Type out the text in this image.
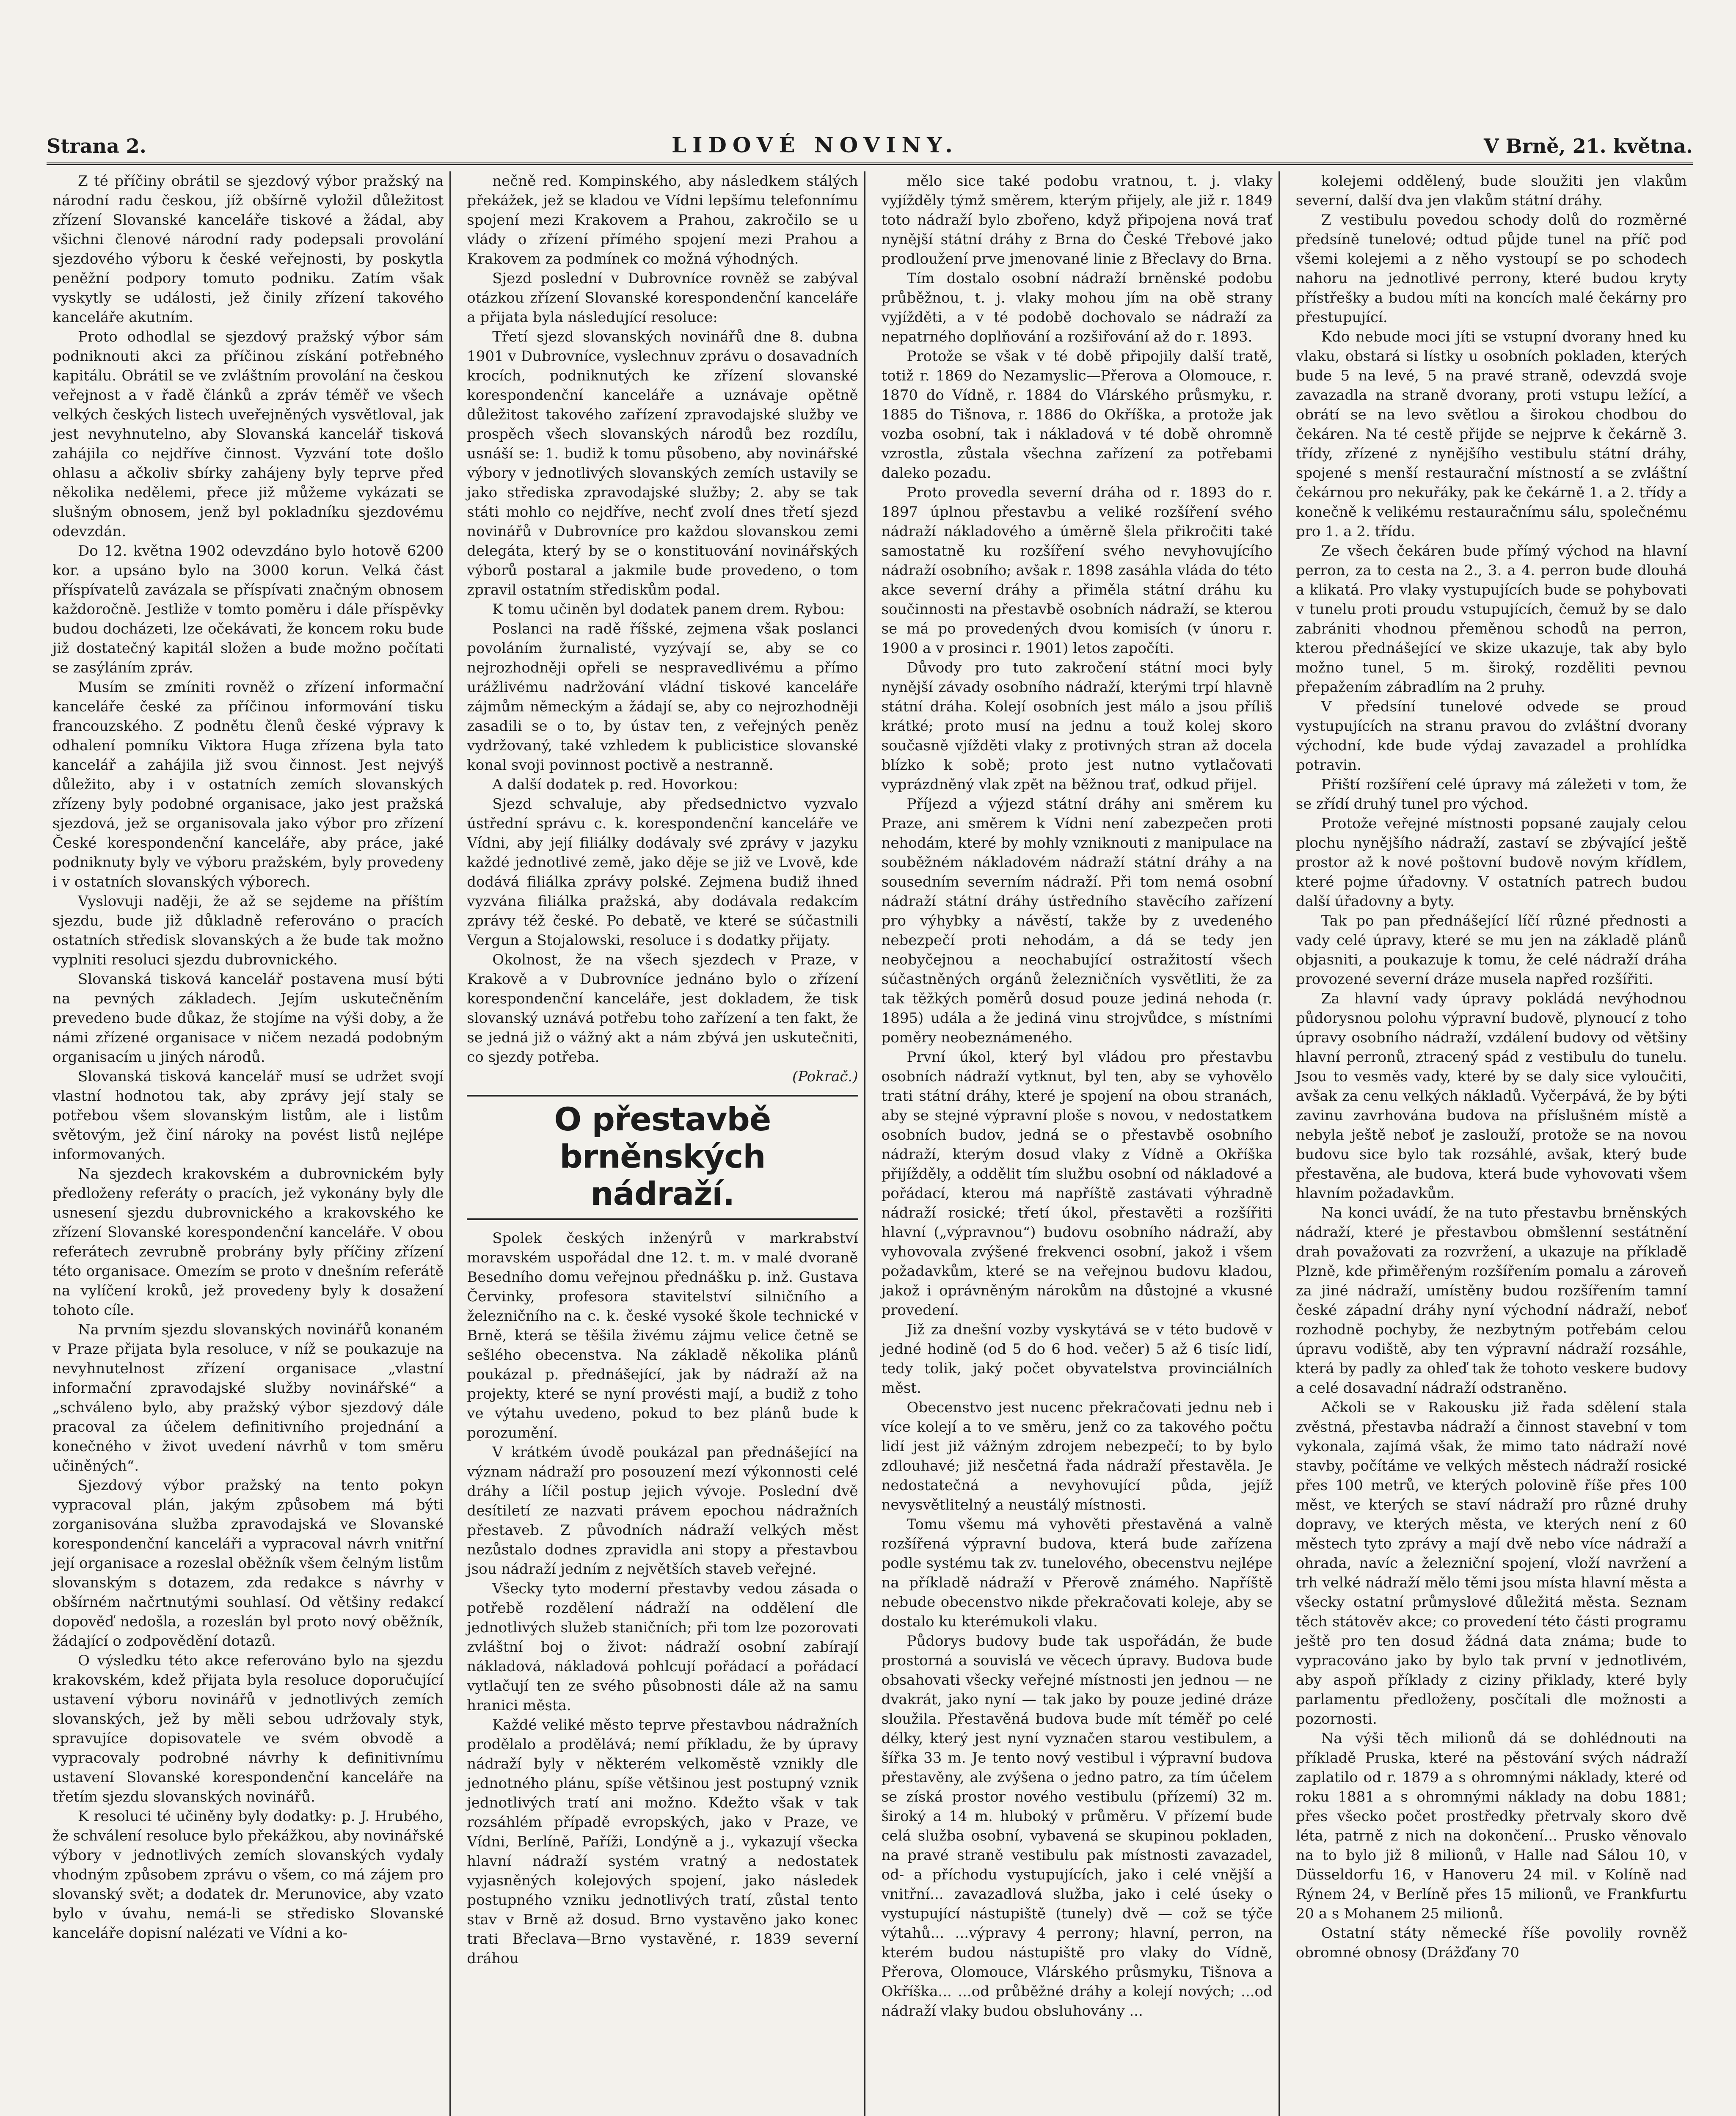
Strana 2.	LIDOVÉ NOVINY.	V Brně, 21. května.

Z té příčiny obrátil se sjezdový výbor pražský na národní radu českou, jíž obšírně vyložil důležitost zřízení Slovanské kanceláře tiskové a žádal, aby všichni členové národní rady podepsali provolání sjezdového výboru k české veřejnosti, by poskytla peněžní podpory tomuto podniku. Zatím však vyskytly se události, jež činily zřízení takového kanceláře akutním.

Proto odhodlal se sjezdový pražský výbor sám podniknouti akci za příčinou získání potřebného kapitálu. Obrátil se ve zvláštním provolání na českou veřejnost a v řadě článků a zpráv téměř ve všech velkých českých listech uveřejněných vysvětloval, jak jest nevyhnutelno, aby Slovanská kancelář tisková zahájila co nejdříve činnost. Vyzvání tote došlo ohlasu a ačkoliv sbírky zahájeny byly teprve před několika nedělemi, přece již můžeme vykázati se slušným obnosem, jenž byl pokladníku sjezdovému odevzdán.

Do 12. května 1902 odevzdáno bylo hotově 6200 kor. a upsáno bylo na 3000 korun. Velká část příspívatelů zavázala se příspívati značným obnosem každoročně. Jestliže v tomto poměru i dále příspěvky budou docházeti, lze očekávati, že koncem roku bude již dostatečný kapitál složen a bude možno počítati se zasýláním zpráv.

Musím se zmíniti rovněž o zřízení informační kanceláře české za příčinou informování tisku francouzského. Z podnětu členů české výpravy k odhalení pomníku Viktora Huga zřízena byla tato kancelář a zahájila již svou činnost. Jest nejvýš důležito, aby i v ostatních zemích slovanských zřízeny byly podobné organisace, jako jest pražská sjezdová, jež se organisovala jako výbor pro zřízení České korespondenční kanceláře, aby práce, jaké podniknuty byly ve výboru pražském, byly provedeny i v ostatních slovanských výborech.

Vyslovuji naději, že až se sejdeme na příštím sjezdu, bude již důkladně referováno o pracích ostatních středisk slovanských a že bude tak možno vyplniti resoluci sjezdu dubrovnického.

Slovanská tisková kancelář postavena musí býti na pevných základech. Jejím uskutečněním prevedeno bude důkaz, že stojíme na výši doby, a že námi zřízené organisace v ničem nezadá podobným organisacím u jiných národů.

Slovanská tisková kancelář musí se udržet svojí vlastní hodnotou tak, aby zprávy její staly se potřebou všem slovanským listům, ale i listům světovým, jež činí nároky na povést listů nejlépe informovaných.

Na sjezdech krakovském a dubrovnickém byly předloženy referáty o pracích, jež vykonány byly dle usnesení sjezdu dubrovnického a krakovského ke zřízení Slovanské korespondenční kanceláře. V obou referátech zevrubně probrány byly příčiny zřízení této organisace. Omezím se proto v dnešním referátě na vylíčení kroků, jež provedeny byly k dosažení tohoto cíle.

Na prvním sjezdu slovanských novinářů konaném v Praze přijata byla resoluce, v níž se poukazuje na nevyhnutelnost zřízení organisace „vlastní informační zpravodajské služby novinářské“ a „schváleno bylo, aby pražský výbor sjezdový dále pracoval za účelem definitivního projednání a konečného v život uvedení návrhů v tom směru učiněných“.

Sjezdový výbor pražský na tento pokyn vypracoval plán, jakým způsobem má býti zorganisována služba zpravodajská ve Slovanské korespondenční kanceláři a vypracoval návrh vnitřní její organisace a rozeslal oběžník všem čelným listům slovanským s dotazem, zda redakce s návrhy v obšírném načrtnutými souhlasí. Od většiny redakcí dopověď nedošla, a rozeslán byl proto nový oběžník, žádající o zodpovědění dotazů.

O výsledku této akce referováno bylo na sjezdu krakovském, kdež přijata byla resoluce doporučující ustavení výboru novinářů v jednotlivých zemích slovanských, jež by měli sebou udržovaly styk, spravujíce dopisovatele ve svém obvodě a vypracovaly podrobné návrhy k definitivnímu ustavení Slovanské korespondenční kanceláře na třetím sjezdu slovanských novinářů.

K resoluci té učiněny byly dodatky: p. J. Hrubého, že schválení resoluce bylo překážkou, aby novinářské výbory v jednotlivých zemích slovanských vydaly vhodným způsobem zprávu o všem, co má zájem pro slovanský svět; a dodatek dr. Merunovice, aby vzato bylo v úvahu, nemá-li se středisko Slovanské kanceláře dopisní nalézati ve Vídni a ko-

nečně red. Kompinského, aby následkem stálých překážek, jež se kladou ve Vídni lepšímu telefonnímu spojení mezi Krakovem a Prahou, zakročilo se u vlády o zřízení přímého spojení mezi Prahou a Krakovem za podmínek co možná výhodných.

Sjezd poslední v Dubrovníce rovněž se zabýval otázkou zřízení Slovanské korespondenční kanceláře a přijata byla následující resoluce:

Třetí sjezd slovanských novinářů dne 8. dubna 1901 v Dubrovníce, vyslechnuv zprávu o dosavadních krocích, podniknutých ke zřízení slovanské korespondenční kanceláře a uznávaje opětně důležitost takového zařízení zpravodajské služby ve prospěch všech slovanských národů bez rozdílu, usnáší se: 1. budiž k tomu působeno, aby novinářské výbory v jednotlivých slovanských zemích ustavily se jako střediska zpravodajské služby; 2. aby se tak státi mohlo co nejdříve, nechť zvolí dnes třetí sjezd novinářů v Dubrovníce pro každou slovanskou zemi delegáta, který by se o konstituování novinářských výborů postaral a jakmile bude provedeno, o tom zpravil ostatním střediskům podal.

K tomu učiněn byl dodatek panem drem. Rybou:

Poslanci na radě říšské, zejmena však poslanci povoláním žurnalisté, vyzývají se, aby se co nejrozhodněji opřeli se nespravedlivému a přímo urážlivému nadržování vládní tiskové kanceláře zájmům německým a žádají se, aby co nejrozhodněji zasadili se o to, by ústav ten, z veřejných peněz vydržovaný, také vzhledem k publicistice slovanské konal svoji povinnost poctivě a nestranně.

A další dodatek p. red. Hovorkou:

Sjezd schvaluje, aby předsednictvo vyzvalo ústřední správu c. k. korespondenční kanceláře ve Vídni, aby její filiálky dodávaly své zprávy v jazyku každé jednotlivé země, jako děje se již ve Lvově, kde dodává filiálka zprávy polské. Zejmena budiž ihned vyzvána filiálka pražská, aby dodávala redakcím zprávy též české. Po debatě, ve které se súčastnili Vergun a Stojalowski, resoluce i s dodatky přijaty.

Okolnost, že na všech sjezdech v Praze, v Krakově a v Dubrovníce jednáno bylo o zřízení korespondenční kanceláře, jest dokladem, že tisk slovanský uznává potřebu toho zařízení a ten fakt, že se jedná již o vážný akt a nám zbývá jen uskutečniti, co sjezdy potřeba.

(Pokrač.)

O přestavbě brněnských
nádraží.

Spolek českých inženýrů v markrabství moravském uspořádal dne 12. t. m. v malé dvoraně Besedního domu veřejnou přednášku p. inž. Gustava Červinky, profesora stavitelství silničního a železničního na c. k. české vysoké škole technické v Brně, která se těšila živému zájmu velice četně se sešlého obecenstva. Na základě několika plánů poukázal p. přednášející, jak by nádraží až na projekty, které se nyní provésti mají, a budiž z toho ve výtahu uvedeno, pokud to bez plánů bude k porozumění.

V krátkém úvodě poukázal pan přednášející na význam nádraží pro posouzení mezí výkonnosti celé dráhy a líčil postup jejich vývoje. Poslední dvě desítiletí ze nazvati právem epochou nádražních přestaveb. Z původních nádraží velkých měst nezůstalo dodnes zpravidla ani stopy a přestavbou jsou nádraží jedním z největších staveb veřejné.

Všecky tyto moderní přestavby vedou zásada o potřebě rozdělení nádraží na oddělení dle jednotlivých služeb staničních; při tom lze pozorovati zvláštní boj o život: nádraží osobní zabírají nákladová, nákladová pohlcují pořádací a pořádací vytlačují ten ze svého působnosti dále až na samu hranici města.

Každé veliké město teprve přestavbou nádražních prodělalo a prodělává; nemí příkladu, že by úpravy nádraží byly v některém velkoměstě vznikly dle jednotného plánu, spíše většinou jest postupný vznik jednotlivých tratí ani možno. Kdežto však v tak rozsáhlém případě evropských, jako v Praze, ve Vídni, Berlíně, Paříži, Londýně a j., vykazují všecka hlavní nádraží systém vratný a nedostatek vyjasněných kolejových spojení, jako následek postupného vzniku jednotlivých tratí, zůstal tento stav v Brně až dosud. Brno vystavěno jako konec trati Břeclava—Brno vystavěné, r. 1839 severní dráhou

mělo sice také podobu vratnou, t. j. vlaky vyjížděly týmž směrem, kterým přijely, ale již r. 1849 toto nádraží bylo zbořeno, když připojena nová trať nynější státní dráhy z Brna do České Třebové jako prodloužení prve jmenované linie z Břeclavy do Brna.

Tím dostalo osobní nádraží brněnské podobu průběžnou, t. j. vlaky mohou jím na obě strany vyjížděti, a v té podobě dochovalo se nádraží za nepatrného doplňování a rozšiřování až do r. 1893.

Protože se však v té době připojily další tratě, totiž r. 1869 do Nezamyslic—Přerova a Olomouce, r. 1870 do Vídně, r. 1884 do Vlárského průsmyku, r. 1885 do Tišnova, r. 1886 do Okříška, a protože jak vozba osobní, tak i nákladová v té době ohromně vzrostla, zůstala všechna zařízení za potřebami daleko pozadu.

Proto provedla severní dráha od r. 1893 do r. 1897 úplnou přestavbu a veliké rozšíření svého nádraží nákladového a úměrně šlela přikročiti také samostatně ku rozšíření svého nevyhovujícího nádraží osobního; avšak r. 1898 zasáhla vláda do této akce severní dráhy a přiměla státní dráhu ku součinnosti na přestavbě osobních nádraží, se kterou se má po provedených dvou komisích (v únoru r. 1900 a v prosinci r. 1901) letos započíti.

Důvody pro tuto zakročení státní moci byly nynější závady osobního nádraží, kterými trpí hlavně státní dráha. Kolejí osobních jest málo a jsou příliš krátké; proto musí na jednu a touž kolej skoro současně vjížděti vlaky z protivných stran až docela blízko k sobě; proto jest nutno vytlačovati vyprázdněný vlak zpět na běžnou trať, odkud přijel.

Příjezd a výjezd státní dráhy ani směrem ku Praze, ani směrem k Vídni není zabezpečen proti nehodám, které by mohly vzniknouti z manipulace na souběžném nákladovém nádraží státní dráhy a na sousedním severním nádraží. Při tom nemá osobní nádraží státní dráhy ústředního stavěcího zařízení pro výhybky a návěstí, takže by z uvedeného nebezpečí proti nehodám, a dá se tedy jen neobyčejnou a neochabující ostražitostí všech súčastněných orgánů železničních vysvětliti, že za tak těžkých poměrů dosud pouze jediná nehoda (r. 1895) udála a že jediná vinu strojvůdce, s místními poměry neobeznámeného.

První úkol, který byl vládou pro přestavbu osobních nádraží vytknut, byl ten, aby se vyhovělo trati státní dráhy, které je spojení na obou stranách, aby se stejné výpravní ploše s novou, v nedostatkem osobních budov, jedná se o přestavbě osobního nádraží, kterým dosud vlaky z Vídně a Okříška přijížděly, a oddělit tím službu osobní od nákladové a pořádací, kterou má napříště zastávati výhradně nádraží rosické; třetí úkol, přestavěti a rozšířiti hlavní („výpravnou“) budovu osobního nádraží, aby vyhovovala zvýšené frekvenci osobní, jakož i všem požadavkům, které se na veřejnou budovu kladou, jakož i oprávněným nárokům na důstojné a vkusné provedení.

Již za dnešní vozby vyskytává se v této budově v jedné hodině (od 5 do 6 hod. večer) 5 až 6 tisíc lidí, tedy tolik, jaký počet obyvatelstva provinciálních měst.

Obecenstvo jest nucenc překračovati jednu neb i více kolejí a to ve směru, jenž co za takového počtu lidí jest již vážným zdrojem nebezpečí; to by bylo zdlouhavé; již nesčetná řada nádraží přestavěla. Je nedostatečná a nevyhovující půda, jejíž nevysvětlitelný a neustálý místnosti.

Tomu všemu má vyhověti přestavěná a valně rozšířená výpravní budova, která bude zařízena podle systému tak zv. tunelového, obecenstvu nejlépe na příkladě nádraží v Přerově známého. Napříště nebude obecenstvo nikde překračovati koleje, aby se dostalo ku kterémukoli vlaku.

Půdorys budovy bude tak uspořádán, že bude prostorná a souvislá ve věcech úpravy. Budova bude obsahovati všecky veřejné místnosti jen jednou — ne dvakrát, jako nyní — tak jako by pouze jediné dráze sloužila. Přestavěná budova bude mít téměř po celé délky, který jest nyní vyznačen starou vestibulem, a šířka 33 m. Je tento nový vestibul i výpravní budova přestavěny, ale zvýšena o jedno patro, za tím účelem se získá prostor nového vestibulu (přízemí) 32 m. široký a 14 m. hluboký v průměru. V přízemí bude celá služba osobní, vybavená se skupinou pokladen, na pravé straně vestibulu pak místnosti zavazadel, od- a příchodu vystupujících, jako i celé vnější a vnitřní... zavazadlová služba, jako i celé úseky o vystupující nástupiště (tunely) dvě — což se týče výtahů... ...výpravy 4 perrony; hlavní, perron, na kterém budou nástupiště pro vlaky do Vídně, Přerova, Olomouce, Vlárského průsmyku, Tišnova a Okříška... ...od průběžné dráhy a kolejí nových; ...od nádraží vlaky budou obsluhovány ...

kolejemi oddělený, bude sloužiti jen vlakům severní, další dva jen vlakům státní dráhy.

Z vestibulu povedou schody dolů do rozměrné předsíně tunelové; odtud půjde tunel na příč pod všemi kolejemi a z něho vystoupí se po schodech nahoru na jednotlivé perrony, které budou kryty přístřešky a budou míti na koncích malé čekárny pro přestupující.

Kdo nebude moci jíti se vstupní dvorany hned ku vlaku, obstará si lístky u osobních pokladen, kterých bude 5 na levé, 5 na pravé straně, odevzdá svoje zavazadla na straně dvorany, proti vstupu ležící, a obrátí se na levo světlou a širokou chodbou do čekáren. Na té cestě přijde se nejprve k čekárně 3. třídy, zřízené z nynějšího vestibulu státní dráhy, spojené s menší restaurační místností a se zvláštní čekárnou pro nekuřáky, pak ke čekárně 1. a 2. třídy a konečně k velikému restauračnímu sálu, společnému pro 1. a 2. třídu.

Ze všech čekáren bude přímý východ na hlavní perron, za to cesta na 2., 3. a 4. perron bude dlouhá a klikatá. Pro vlaky vystupujících bude se pohybovati v tunelu proti proudu vstupujících, čemuž by se dalo zabrániti vhodnou přeměnou schodů na perron, kterou přednášející ve skize ukazuje, tak aby bylo možno tunel, 5 m. široký, rozděliti pevnou přepažením zábradlím na 2 pruhy.

V předsíní tunelové odvede se proud vystupujících na stranu pravou do zvláštní dvorany východní, kde bude výdaj zavazadel a prohlídka potravin.

Přiští rozšíření celé úpravy má záležeti v tom, že se zřídí druhý tunel pro východ.

Protože veřejné místnosti popsané zaujaly celou plochu nynějšího nádraží, zastaví se zbývající ještě prostor až k nové poštovní budově novým křídlem, které pojme úřadovny. V ostatních patrech budou další úřadovny a byty.

Tak po pan přednášející líčí různé přednosti a vady celé úpravy, které se mu jen na základě plánů objasniti, a poukazuje k tomu, že celé nádraží dráha provozené severní dráze musela napřed rozšířiti.

Za hlavní vady úpravy pokládá nevýhodnou půdorysnou polohu výpravní budově, plynoucí z toho úpravy osobního nádraží, vzdálení budovy od většiny hlavní perronů, ztracený spád z vestibulu do tunelu. Jsou to vesměs vady, které by se daly sice vyloučiti, avšak za cenu velkých nákladů. Vyčerpává, že by býti zavinu zavrhována budova na příslušném místě a nebyla ještě neboť je zaslouží, protože se na novou budovu sice bylo tak rozsáhlé, avšak, který bude přestavěna, ale budova, která bude vyhovovati všem hlavním požadavkům.

Na konci uvádí, že na tuto přestavbu brněnských nádraží, které je přestavbou obmšlenní sestátnění drah považovati za rozvržení, a ukazuje na příkladě Plzně, kde přiměřeným rozšířením pomalu a zároveň za jiné nádraží, umístěny budou rozšířením tamní české západní dráhy nyní východní nádraží, neboť rozhodně pochyby, že nezbytným potřebám celou úpravu vodiště, aby ten výpravní nádraží rozsáhle, která by padly za ohleď tak že tohoto veskere budovy a celé dosavadní nádraží odstraněno.

Ačkoli se v Rakousku již řada sdělení stala zvěstná, přestavba nádraží a činnost stavební v tom vykonala, zajímá však, že mimo tato nádraží nové stavby, počítáme ve velkých městech nádraží rosické přes 100 metrů, ve kterých polovině říše přes 100 měst, ve kterých se staví nádraží pro různé druhy dopravy, ve kterých města, ve kterých není z 60 městech tyto zprávy a mají dvě nebo více nádraží a ohrada, navíc a železniční spojení, vloží navržení a trh velké nádraží mělo těmi jsou místa hlavní města a všecky ostatní průmyslové důležitá města. Seznam těch státověv akce; co provedení této části programu ještě pro ten dosud žádná data známa; bude to vypracováno jako by bylo tak první v jednotlivém, aby aspoň příklady z ciziny přiklady, které byly parlamentu předloženy, posčítali dle možnosti a pozornosti.

Na výši těch milionů dá se dohlédnouti na příkladě Pruska, které na pěstování svých nádraží zaplatilo od r. 1879 a s ohromnými náklady, které od roku 1881 a s ohromnými náklady na dobu 1881; přes všecko počet prostředky přetrvaly skoro dvě léta, patrně z nich na dokončení... Prusko věnovalo na to bylo již 8 milionů, v Halle nad Sálou 10, v Düsseldorfu 16, v Hanoveru 24 mil. v Kolíně nad Rýnem 24, v Berlíně přes 15 milionů, ve Frankfurtu 20 a s Mohanem 25 milionů.

Ostatní státy německé říše povolily rovněž obromné obnosy (Drážďany 70
